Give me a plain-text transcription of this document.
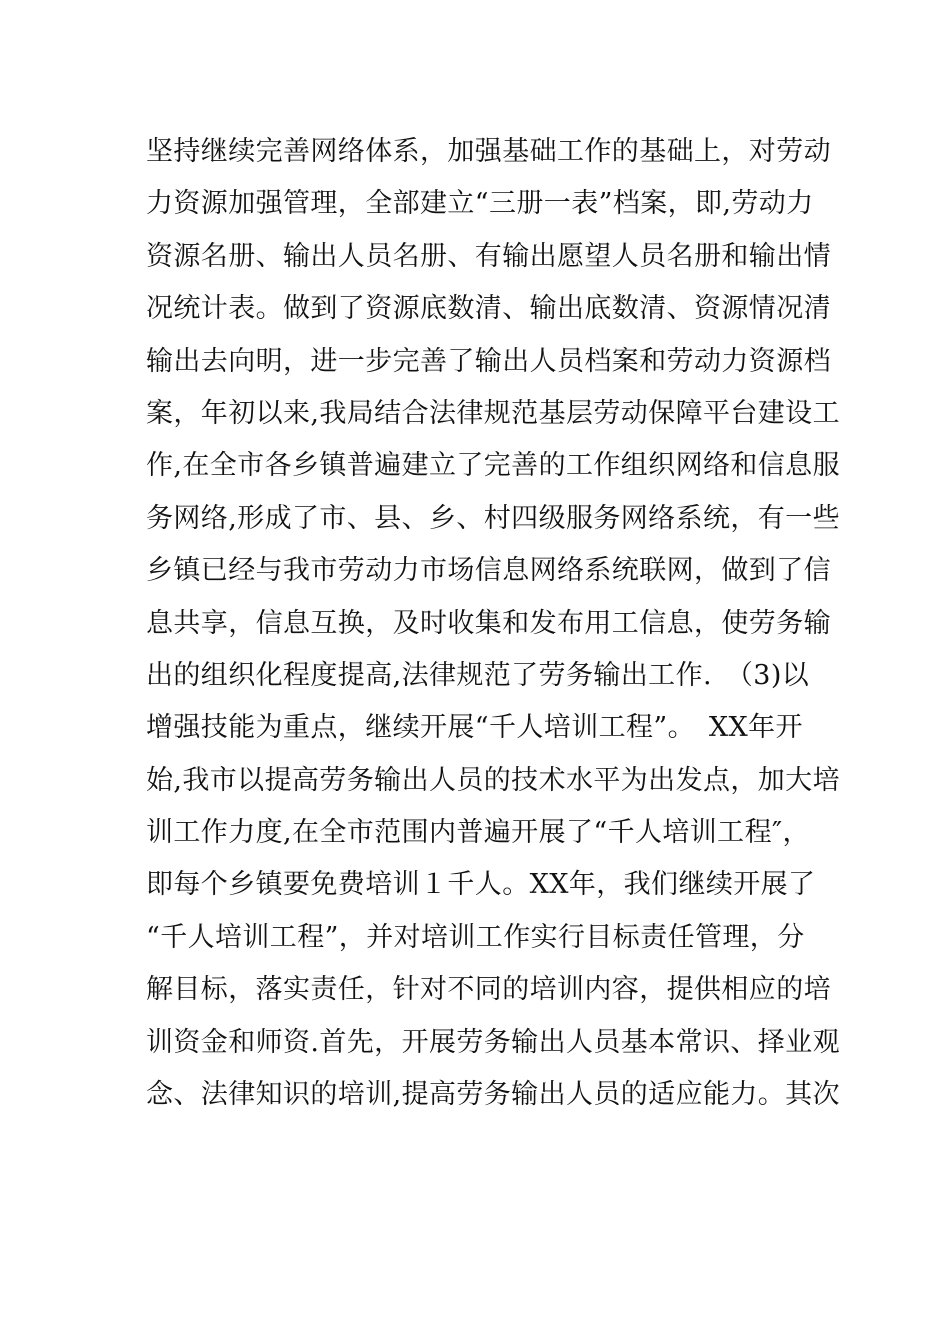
坚持继续完善网络体系，加强基础工作的基础上，对劳动
力资源加强管理，全部建立“三册一表”档案，即,劳动力
资源名册、输出人员名册、有输出愿望人员名册和输出情
况统计表。做到了资源底数清、输出底数清、资源情况清
输出去向明，进一步完善了输出人员档案和劳动力资源档
案，年初以来,我局结合法律规范基层劳动保障平台建设工
作,在全市各乡镇普遍建立了完善的工作组织网络和信息服
务网络,形成了市、县、乡、村四级服务网络系统，有一些
乡镇已经与我市劳动力市场信息网络系统联网，做到了信
息共享，信息互换，及时收集和发布用工信息，使劳务输
出的组织化程度提高,法律规范了劳务输出工作.　（3)以
增强技能为重点，继续开展“千人培训工程”。　XX年开
始,我市以提高劳务输出人员的技术水平为出发点，加大培
训工作力度,在全市范围内普遍开展了“千人培训工程″，
即每个乡镇要免费培训１千人。XX年，我们继续开展了
“千人培训工程”，并对培训工作实行目标责任管理，分
解目标，落实责任，针对不同的培训内容，提供相应的培
训资金和师资.首先，开展劳务输出人员基本常识、择业观
念、法律知识的培训,提高劳务输出人员的适应能力。其次
